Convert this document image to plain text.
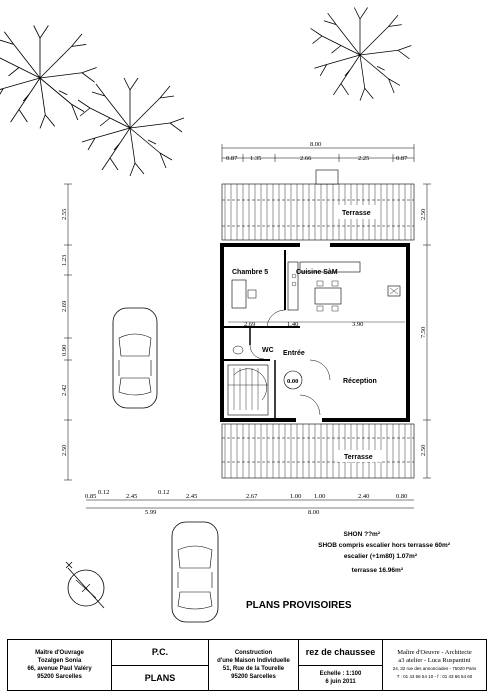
8.00
0.87 1.35	2.66	2.25	0.87
2.55
1.23
2.69
0.90
2.42
2.50
2.50
7.50
2.50
Terrasse
0.00
Chambre 5	Cuisine SàM
WC Entrée
Réception
2.69	1.40	3.90
Terrasse
0.85
0.12
2.45
0.12
2.45	2.67	1.00 1.00	2.40	0.80
5.99	8.00
SHON ??m²
SHOB compris escalier hors terrasse 60m²
escalier (+1m80) 1.07m²
terrasse 16.96m²
PLANS PROVISOIRES
Maître d'Ouvrage
Tozalgen Sonia
66, avenue Paul Valéry
95200 Sarcelles
P.C.
PLANS
Construction
d'une Maison Individuelle
51, Rue de la Tourelle
95200 Sarcelles
rez de chaussee
Echelle : 1:100
6 juin 2011
Maître d'Oeuvre - Architecte
a3 atelier - Luca Ruspantini
24, 32 rue des annonciades - 75020 Paris
T : 01 43 66 54 10 - f : 01 43 66 54 60
